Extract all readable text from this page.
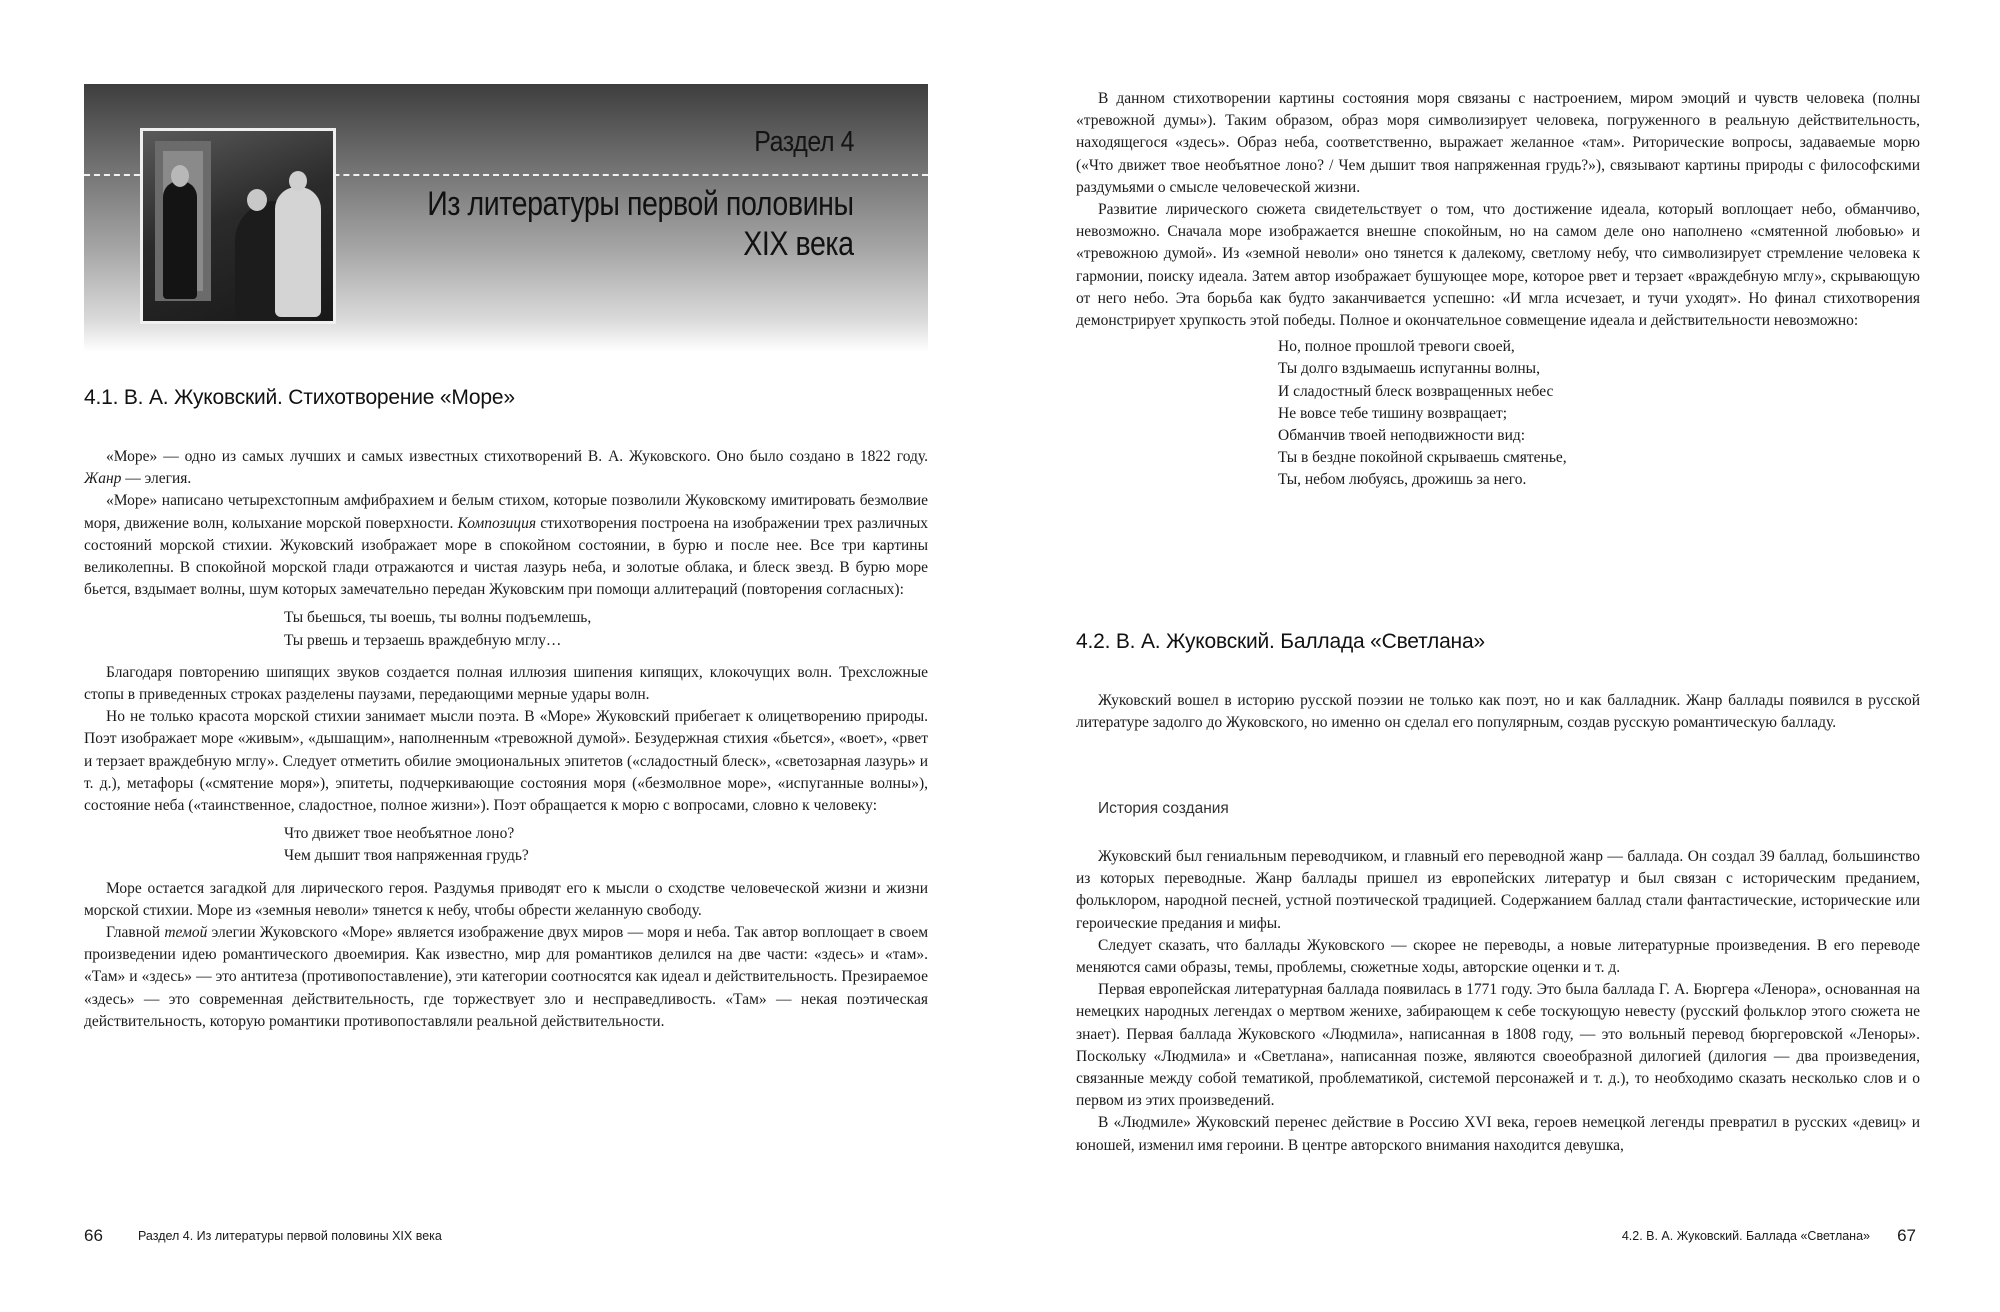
Раздел 4
Из литературы первой половины
XIX века
4.1. В. А. Жуковский. Стихотворение «Море»

«Море» — одно из самых лучших и самых известных стихотворений В. А. Жуковского. Оно было создано в 1822 году. Жанр — элегия.

«Море» написано четырехстопным амфибрахием и белым стихом, которые позволили Жуковскому имитировать безмолвие моря, движение волн, колыхание морской поверхности. Композиция стихотворения построена на изображении трех различных состояний морской стихии. Жуковский изображает море в спокойном состоянии, в бурю и после нее. Все три картины великолепны. В спокойной морской глади отражаются и чистая лазурь неба, и золотые облака, и блеск звезд. В бурю море бьется, вздымает волны, шум которых замечательно передан Жуковским при помощи аллитераций (повторения согласных):

Ты бьешься, ты воешь, ты волны подъемлешь,
Ты рвешь и терзаешь враждебную мглу…

Благодаря повторению шипящих звуков создается полная иллюзия шипения кипящих, клокочущих волн. Трехсложные стопы в приведенных строках разделены паузами, передающими мерные удары волн.

Но не только красота морской стихии занимает мысли поэта. В «Море» Жуковский прибегает к олицетворению природы. Поэт изображает море «живым», «дышащим», наполненным «тревожной думой». Безудержная стихия «бьется», «воет», «рвет и терзает враждебную мглу». Следует отметить обилие эмоциональных эпитетов («сладостный блеск», «светозарная лазурь» и т. д.), метафоры («смятение моря»), эпитеты, подчеркивающие состояния моря («безмолвное море», «испуганные волны»), состояние неба («таинственное, сладостное, полное жизни»). Поэт обращается к морю с вопросами, словно к человеку:

Что движет твое необъятное лоно?
Чем дышит твоя напряженная грудь?

Море остается загадкой для лирического героя. Раздумья приводят его к мысли о сходстве человеческой жизни и жизни морской стихии. Море из «земныя неволи» тянется к небу, чтобы обрести желанную свободу.

Главной темой элегии Жуковского «Море» является изображение двух миров — моря и неба. Так автор воплощает в своем произведении идею романтического двоемирия. Как известно, мир для романтиков делился на две части: «здесь» и «там». «Там» и «здесь» — это антитеза (противопоставление), эти категории соотносятся как идеал и действительность. Презираемое «здесь» — это современная действительность, где торжествует зло и несправедливость. «Там» — некая поэтическая действительность, которую романтики противопоставляли реальной действительности.

66	Раздел 4. Из литературы первой половины XIX века

В данном стихотворении картины состояния моря связаны с настроением, миром эмоций и чувств человека (полны «тревожной думы»). Таким образом, образ моря символизирует человека, погруженного в реальную действительность, находящегося «здесь». Образ неба, соответственно, выражает желанное «там». Риторические вопросы, задаваемые морю («Что движет твое необъятное лоно? / Чем дышит твоя напряженная грудь?»), связывают картины природы с философскими раздумьями о смысле человеческой жизни.

Развитие лирического сюжета свидетельствует о том, что достижение идеала, который воплощает небо, обманчиво, невозможно. Сначала море изображается внешне спокойным, но на самом деле оно наполнено «смятенной любовью» и «тревожною думой». Из «земной неволи» оно тянется к далекому, светлому небу, что символизирует стремление человека к гармонии, поиску идеала. Затем автор изображает бушующее море, которое рвет и терзает «враждебную мглу», скрывающую от него небо. Эта борьба как будто заканчивается успешно: «И мгла исчезает, и тучи уходят». Но финал стихотворения демонстрирует хрупкость этой победы. Полное и окончательное совмещение идеала и действительности невозможно:

Но, полное прошлой тревоги своей,
Ты долго вздымаешь испуганны волны,
И сладостный блеск возвращенных небес
Не вовсе тебе тишину возвращает;
Обманчив твоей неподвижности вид:
Ты в бездне покойной скрываешь смятенье,
Ты, небом любуясь, дрожишь за него.
4.2. В. А. Жуковский. Баллада «Светлана»

Жуковский вошел в историю русской поэзии не только как поэт, но и как балладник. Жанр баллады появился в русской литературе задолго до Жуковского, но именно он сделал его популярным, создав русскую романтическую балладу.

История создания

Жуковский был гениальным переводчиком, и главный его переводной жанр — баллада. Он создал 39 баллад, большинство из которых переводные. Жанр баллады пришел из европейских литератур и был связан с историческим преданием, фольклором, народной песней, устной поэтической традицией. Содержанием баллад стали фантастические, исторические или героические предания и мифы.

Следует сказать, что баллады Жуковского — скорее не переводы, а новые литературные произведения. В его переводе меняются сами образы, темы, проблемы, сюжетные ходы, авторские оценки и т. д.

Первая европейская литературная баллада появилась в 1771 году. Это была баллада Г. А. Бюргера «Ленора», основанная на немецких народных легендах о мертвом женихе, забирающем к себе тоскующую невесту (русский фольклор этого сюжета не знает). Первая баллада Жуковского «Людмила», написанная в 1808 году, — это вольный перевод бюргеровской «Леноры». Поскольку «Людмила» и «Светлана», написанная позже, являются своеобразной дилогией (дилогия — два произведения, связанные между собой тематикой, проблематикой, системой персонажей и т. д.), то необходимо сказать несколько слов и о первом из этих произведений.

В «Людмиле» Жуковский перенес действие в Россию XVI века, героев немецкой легенды превратил в русских «девиц» и юношей, изменил имя героини. В центре авторского внимания находится девушка,

4.2. В. А. Жуковский. Баллада «Светлана» 67
